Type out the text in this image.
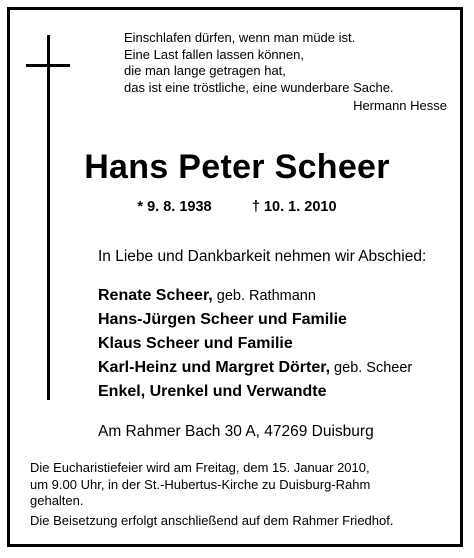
Einschlafen dürfen, wenn man müde ist.
Eine Last fallen lassen können,
die man lange getragen hat,
das ist eine tröstliche, eine wunderbare Sache.
Hermann Hesse
Hans Peter Scheer
* 9. 8. 1938	† 10. 1. 2010
In Liebe und Dankbarkeit nehmen wir Abschied:
Renate Scheer, geb. Rathmann
Hans-Jürgen Scheer und Familie
Klaus Scheer und Familie
Karl-Heinz und Margret Dörter, geb. Scheer
Enkel, Urenkel und Verwandte
Am Rahmer Bach 30 A, 47269 Duisburg
Die Eucharistiefeier wird am Freitag, dem 15. Januar 2010,
um 9.00 Uhr, in der St.-Hubertus-Kirche zu Duisburg-Rahm
gehalten.
Die Beisetzung erfolgt anschließend auf dem Rahmer Friedhof.
